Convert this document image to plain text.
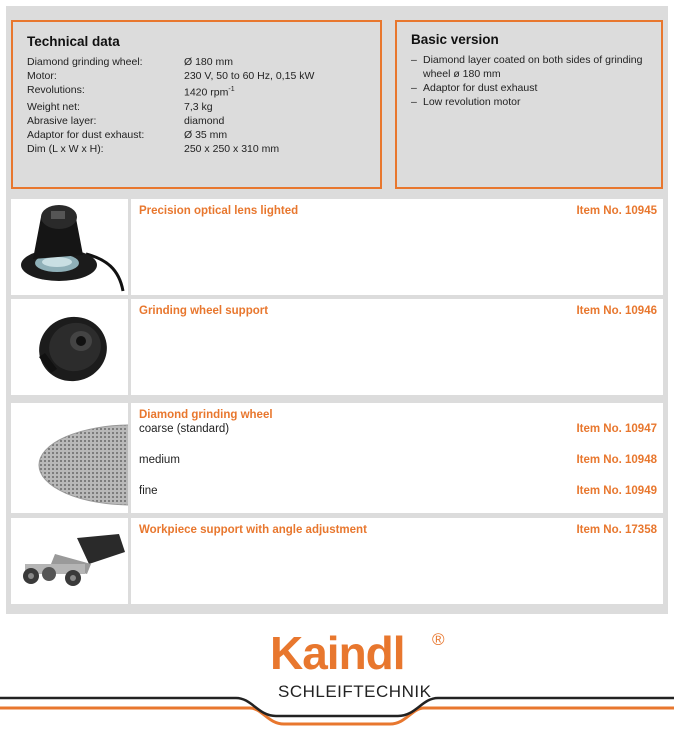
Technical data
Diamond grinding wheel:	Ø 180 mm
Motor:	230 V, 50 to 60 Hz, 0,15 kW
Revolutions:	1420 rpm$^{-1}$
Weight net:	7,3 kg
Abrasive layer:	diamond
Adaptor for dust exhaust:	Ø 35 mm
Dim (L x W x H):	250 x 250 x 310 mm
Basic version
– Diamond layer coated on both sides of grinding wheel ø 180 mm
– Adaptor for dust exhaust
– Low revolution motor
Precision optical lens lighted	Item No. 10945
Grinding wheel support	Item No. 10946
Diamond grinding wheel
coarse (standard)	Item No. 10947
medium	Item No. 10948
fine	Item No. 10949
Workpiece support with angle adjustment	Item No. 17358
Kaindl ®
SCHLEIFTECHNIK
